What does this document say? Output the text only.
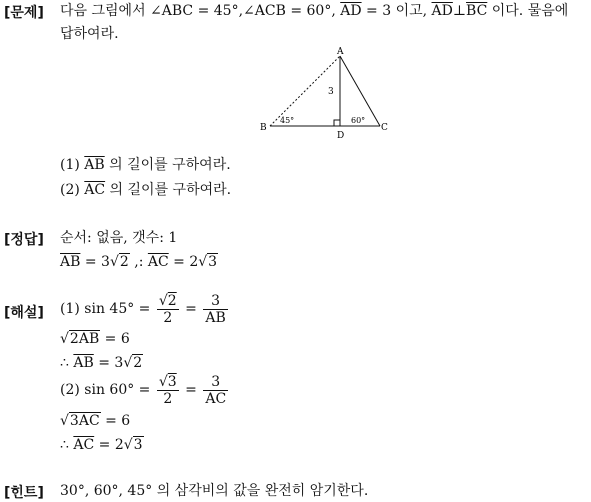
[문제] 다음 그림에서 ∠ABC = 45°,∠ACB = 60°, $\overline{AD} = 3$ 이고, $\overline{AD}\perp\overline{BC}$ 이다. 물음에
답하여라.
A
B	C
D
3
45°	60°
(1) $\overline{AB}$ 의 길이를 구하여라.
(2) $\overline{AC}$ 의 길이를 구하여라.
[정답] 순서: 없음, 갯수: 1
$\overline{AB} = 3√2$ ,: $\overline{AC} = 2√3$
[해설] (1) $\sin 45^\circ = \frac{√2}{2} = \frac{3}{AB}$
√2AB = 6
∴ $\overline{AB} = 3√2$
(2) $\sin 60^\circ = \frac{√3}{2} = \frac{3}{AC}$
√3AC = 6
∴ $\overline{AC} = 2√3$
[힌트] 30°, 60°, 45° 의 삼각비의 값을 완전히 암기한다.
